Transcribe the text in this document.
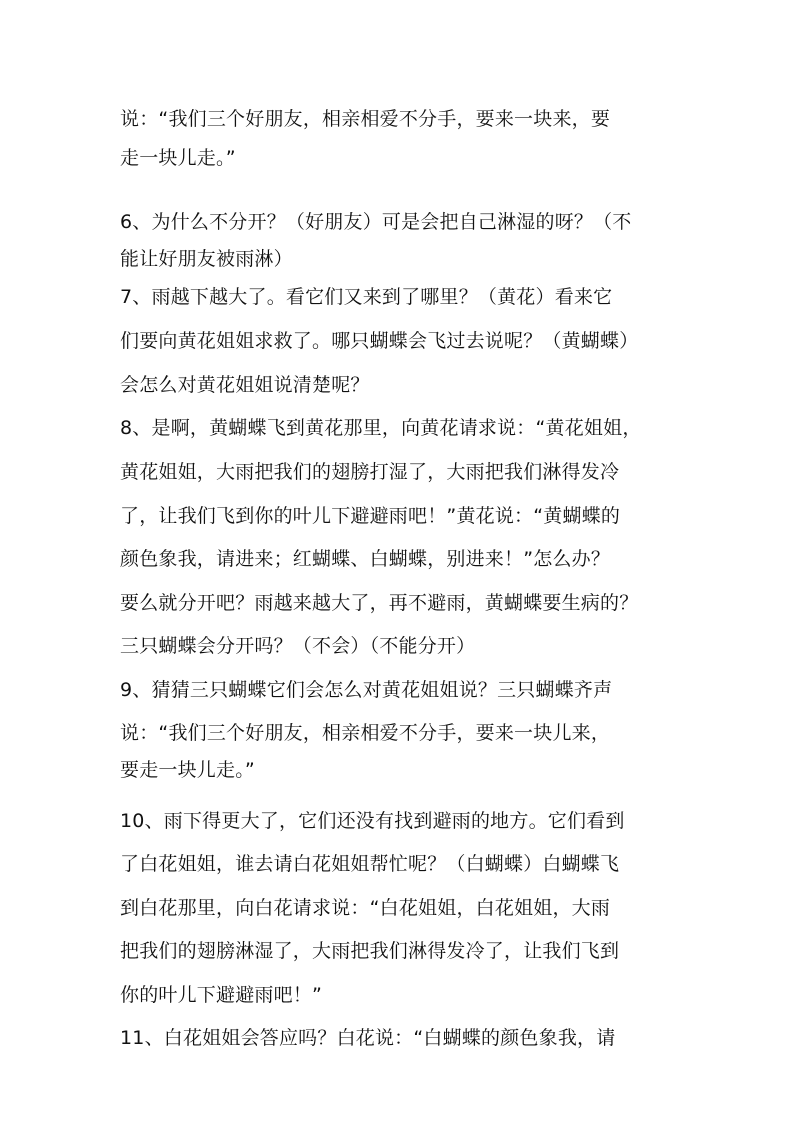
说：“我们三个好朋友，相亲相爱不分手，要来一块来，要
走一块儿走。”
6、为什么不分开？（好朋友）可是会把自己淋湿的呀？（不
能让好朋友被雨淋）
7、雨越下越大了。看它们又来到了哪里？（黄花）看来它
们要向黄花姐姐求救了。哪只蝴蝶会飞过去说呢？（黄蝴蝶）
会怎么对黄花姐姐说清楚呢？
8、是啊，黄蝴蝶飞到黄花那里，向黄花请求说：“黄花姐姐，
黄花姐姐，大雨把我们的翅膀打湿了，大雨把我们淋得发冷
了，让我们飞到你的叶儿下避避雨吧！”黄花说：“黄蝴蝶的
颜色象我，请进来；红蝴蝶、白蝴蝶，别进来！”怎么办？
要么就分开吧？雨越来越大了，再不避雨，黄蝴蝶要生病的？
三只蝴蝶会分开吗？（不会）（不能分开）
9、猜猜三只蝴蝶它们会怎么对黄花姐姐说？三只蝴蝶齐声
说：“我们三个好朋友，相亲相爱不分手，要来一块儿来，
要走一块儿走。”
10、雨下得更大了，它们还没有找到避雨的地方。它们看到
了白花姐姐，谁去请白花姐姐帮忙呢？（白蝴蝶）白蝴蝶飞
到白花那里，向白花请求说：“白花姐姐，白花姐姐，大雨
把我们的翅膀淋湿了，大雨把我们淋得发冷了，让我们飞到
你的叶儿下避避雨吧！”
11、白花姐姐会答应吗？白花说：“白蝴蝶的颜色象我，请
